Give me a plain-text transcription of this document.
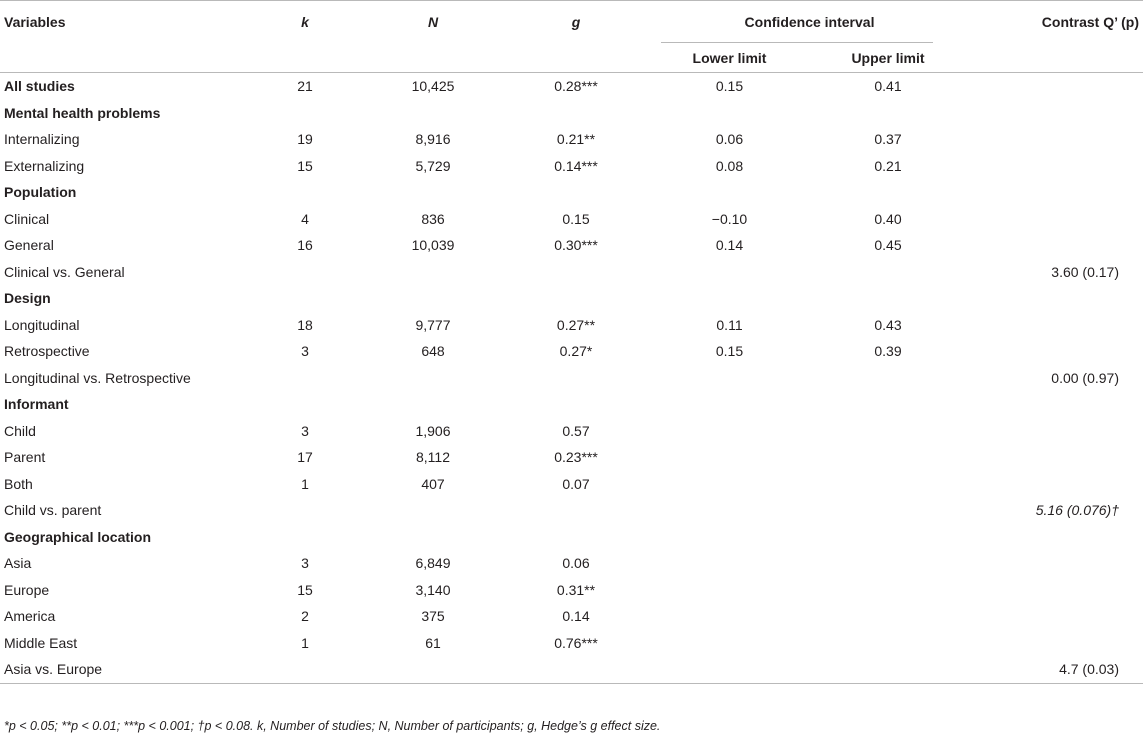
Variables	k	N	g	Confidence interval		Contrast Q’ (p)
				Lower limit	Upper limit	
All studies	21	10,425	0.28***	0.15	0.41	
Mental health problems						
Internalizing	19	8,916	0.21**	0.06	0.37	
Externalizing	15	5,729	0.14***	0.08	0.21	
Population						
Clinical	4	836	0.15	−0.10	0.40	
General	16	10,039	0.30***	0.14	0.45	
Clinical vs. General						3.60 (0.17)
Design						
Longitudinal	18	9,777	0.27**	0.11	0.43	
Retrospective	3	648	0.27*	0.15	0.39	
Longitudinal vs. Retrospective						0.00 (0.97)
Informant						
Child	3	1,906	0.57			
Parent	17	8,112	0.23***			
Both	1	407	0.07			
Child vs. parent						5.16 (0.076)†
Geographical location						
Asia	3	6,849	0.06			
Europe	15	3,140	0.31**			
America	2	375	0.14			
Middle East	1	61	0.76***			
Asia vs. Europe						4.7 (0.03)
*p < 0.05; **p < 0.01; ***p < 0.001; †p < 0.08. k, Number of studies; N, Number of participants; g, Hedge’s g effect size.
